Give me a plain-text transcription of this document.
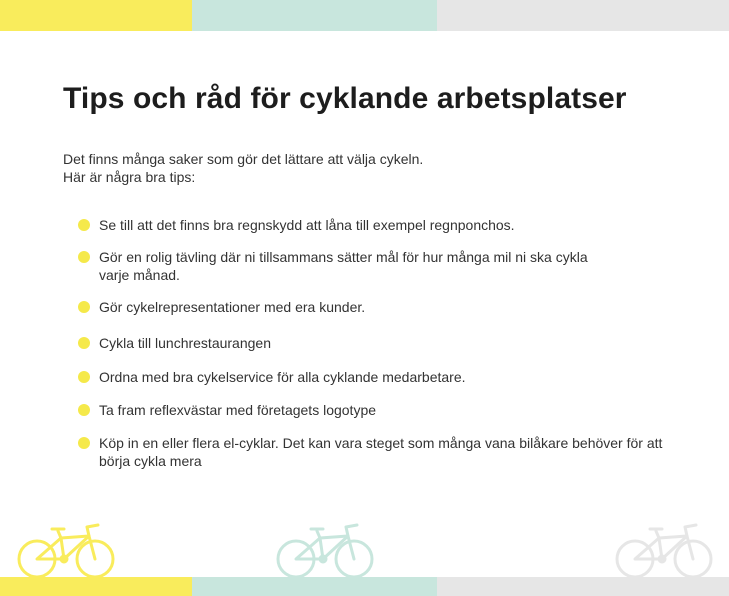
Tips och råd för cyklande arbetsplatser

Det finns många saker som gör det lättare att välja cykeln.
Här är några bra tips:

Se till att det finns bra regnskydd att låna till exempel regnponchos.
Gör en rolig tävling där ni tillsammans sätter mål för hur många mil ni ska cykla varje månad.
Gör cykelrepresentationer med era kunder.
Cykla till lunchrestaurangen
Ordna med bra cykelservice för alla cyklande medarbetare.
Ta fram reflexvästar med företagets logotype
Köp in en eller flera el-cyklar. Det kan vara steget som många vana bilåkare behöver för att börja cykla mera
